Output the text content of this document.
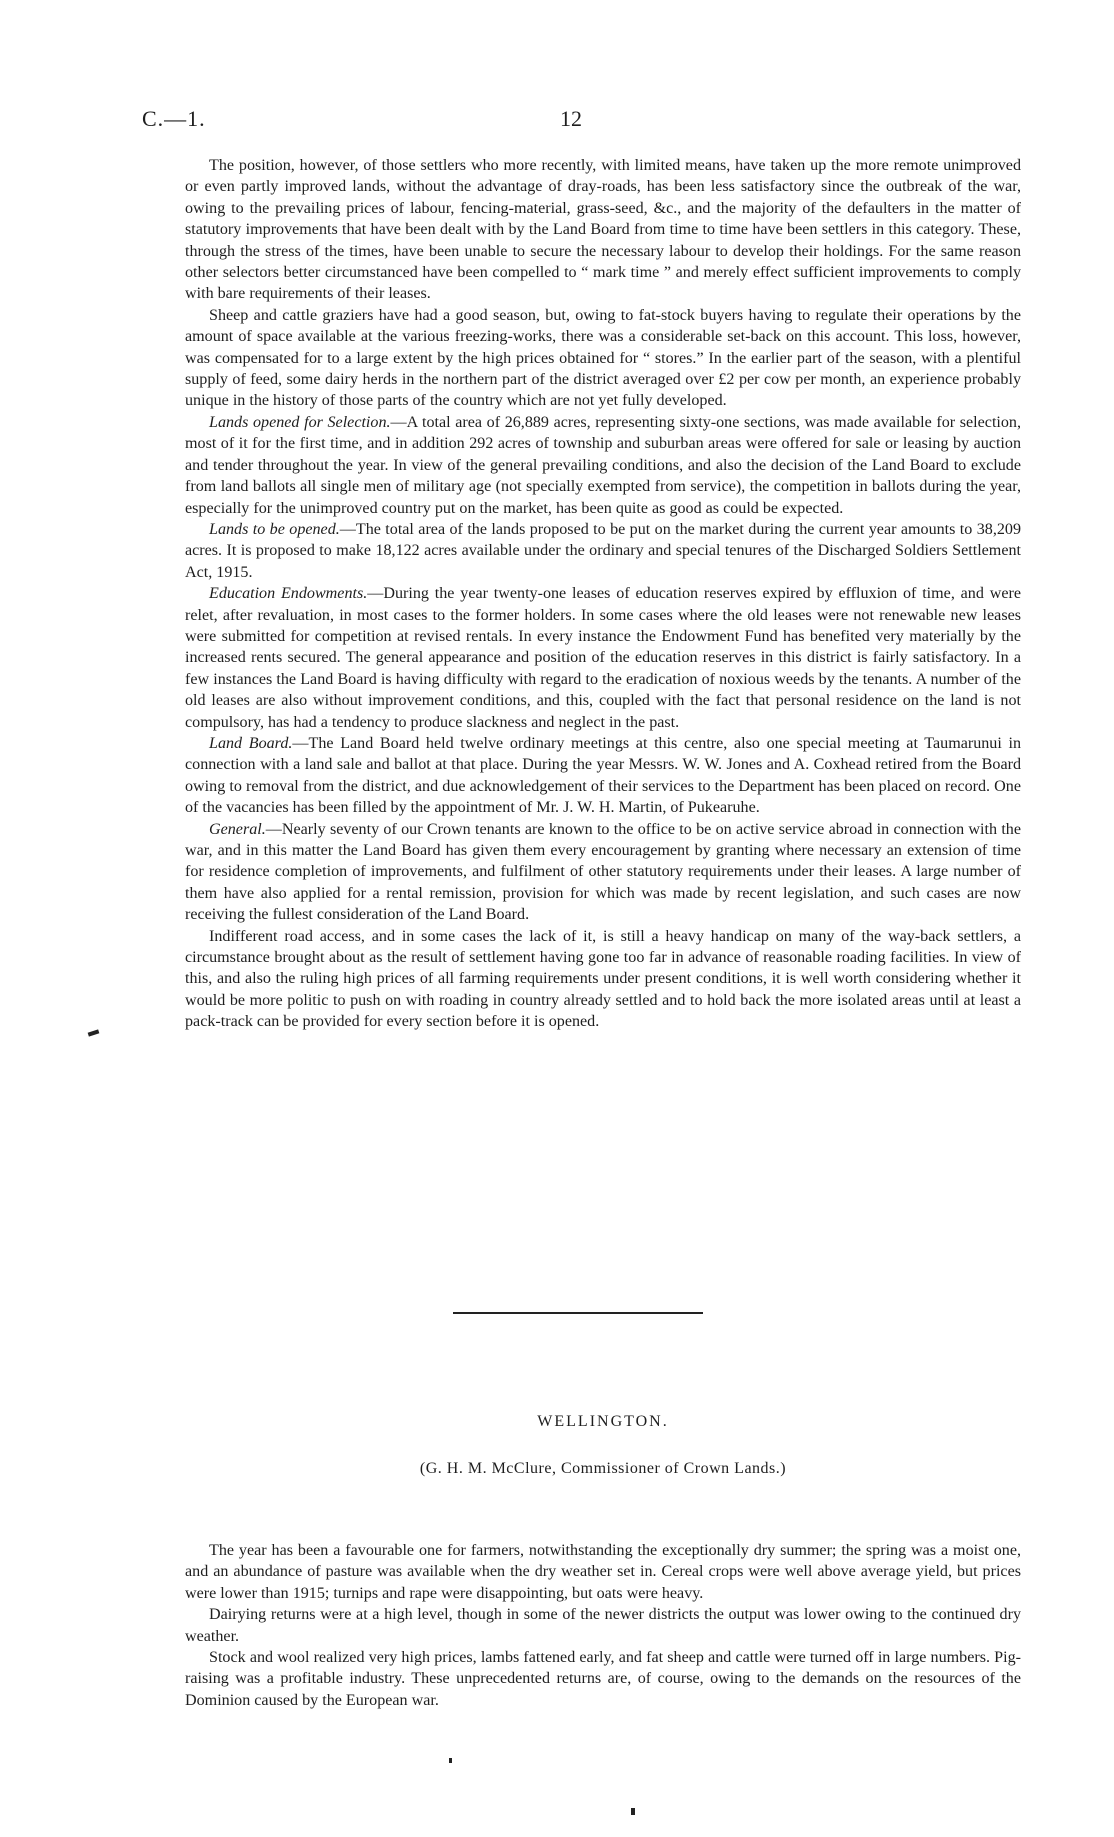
C.—1.	12

The position, however, of those settlers who more recently, with limited means, have taken up the more remote unimproved or even partly improved lands, without the advantage of dray-roads, has been less satisfactory since the outbreak of the war, owing to the prevailing prices of labour, fencing-material, grass-seed, &c., and the majority of the defaulters in the matter of statutory improvements that have been dealt with by the Land Board from time to time have been settlers in this category. These, through the stress of the times, have been unable to secure the necessary labour to develop their holdings. For the same reason other selectors better circumstanced have been compelled to “ mark time ” and merely effect sufficient improvements to comply with bare requirements of their leases.

Sheep and cattle graziers have had a good season, but, owing to fat-stock buyers having to regulate their operations by the amount of space available at the various freezing-works, there was a considerable set-back on this account. This loss, however, was compensated for to a large extent by the high prices obtained for “ stores.” In the earlier part of the season, with a plentiful supply of feed, some dairy herds in the northern part of the district averaged over £2 per cow per month, an experience probably unique in the history of those parts of the country which are not yet fully developed.

Lands opened for Selection.—A total area of 26,889 acres, representing sixty-one sections, was made available for selection, most of it for the first time, and in addition 292 acres of township and suburban areas were offered for sale or leasing by auction and tender throughout the year. In view of the general prevailing conditions, and also the decision of the Land Board to exclude from land ballots all single men of military age (not specially exempted from service), the competition in ballots during the year, especially for the unimproved country put on the market, has been quite as good as could be expected.

Lands to be opened.—The total area of the lands proposed to be put on the market during the current year amounts to 38,209 acres. It is proposed to make 18,122 acres available under the ordinary and special tenures of the Discharged Soldiers Settlement Act, 1915.

Education Endowments.—During the year twenty-one leases of education reserves expired by effluxion of time, and were relet, after revaluation, in most cases to the former holders. In some cases where the old leases were not renewable new leases were submitted for competition at revised rentals. In every instance the Endowment Fund has benefited very materially by the increased rents secured. The general appearance and position of the education reserves in this district is fairly satisfactory. In a few instances the Land Board is having difficulty with regard to the eradication of noxious weeds by the tenants. A number of the old leases are also without improvement conditions, and this, coupled with the fact that personal residence on the land is not compulsory, has had a tendency to produce slackness and neglect in the past.

Land Board.—The Land Board held twelve ordinary meetings at this centre, also one special meeting at Taumarunui in connection with a land sale and ballot at that place. During the year Messrs. W. W. Jones and A. Coxhead retired from the Board owing to removal from the district, and due acknowledgement of their services to the Department has been placed on record. One of the vacancies has been filled by the appointment of Mr. J. W. H. Martin, of Pukearuhe.

General.—Nearly seventy of our Crown tenants are known to the office to be on active service abroad in connection with the war, and in this matter the Land Board has given them every encouragement by granting where necessary an extension of time for residence completion of improvements, and fulfilment of other statutory requirements under their leases. A large number of them have also applied for a rental remission, provision for which was made by recent legislation, and such cases are now receiving the fullest consideration of the Land Board.

Indifferent road access, and in some cases the lack of it, is still a heavy handicap on many of the way-back settlers, a circumstance brought about as the result of settlement having gone too far in advance of reasonable roading facilities. In view of this, and also the ruling high prices of all farming requirements under present conditions, it is well worth considering whether it would be more politic to push on with roading in country already settled and to hold back the more isolated areas until at least a pack-track can be provided for every section before it is opened.

WELLINGTON.
(G. H. M. McClure, Commissioner of Crown Lands.)

The year has been a favourable one for farmers, notwithstanding the exceptionally dry summer; the spring was a moist one, and an abundance of pasture was available when the dry weather set in. Cereal crops were well above average yield, but prices were lower than 1915; turnips and rape were disappointing, but oats were heavy.

Dairying returns were at a high level, though in some of the newer districts the output was lower owing to the continued dry weather.

Stock and wool realized very high prices, lambs fattened early, and fat sheep and cattle were turned off in large numbers. Pig-raising was a profitable industry. These unprecedented returns are, of course, owing to the demands on the resources of the Dominion caused by the European war.
